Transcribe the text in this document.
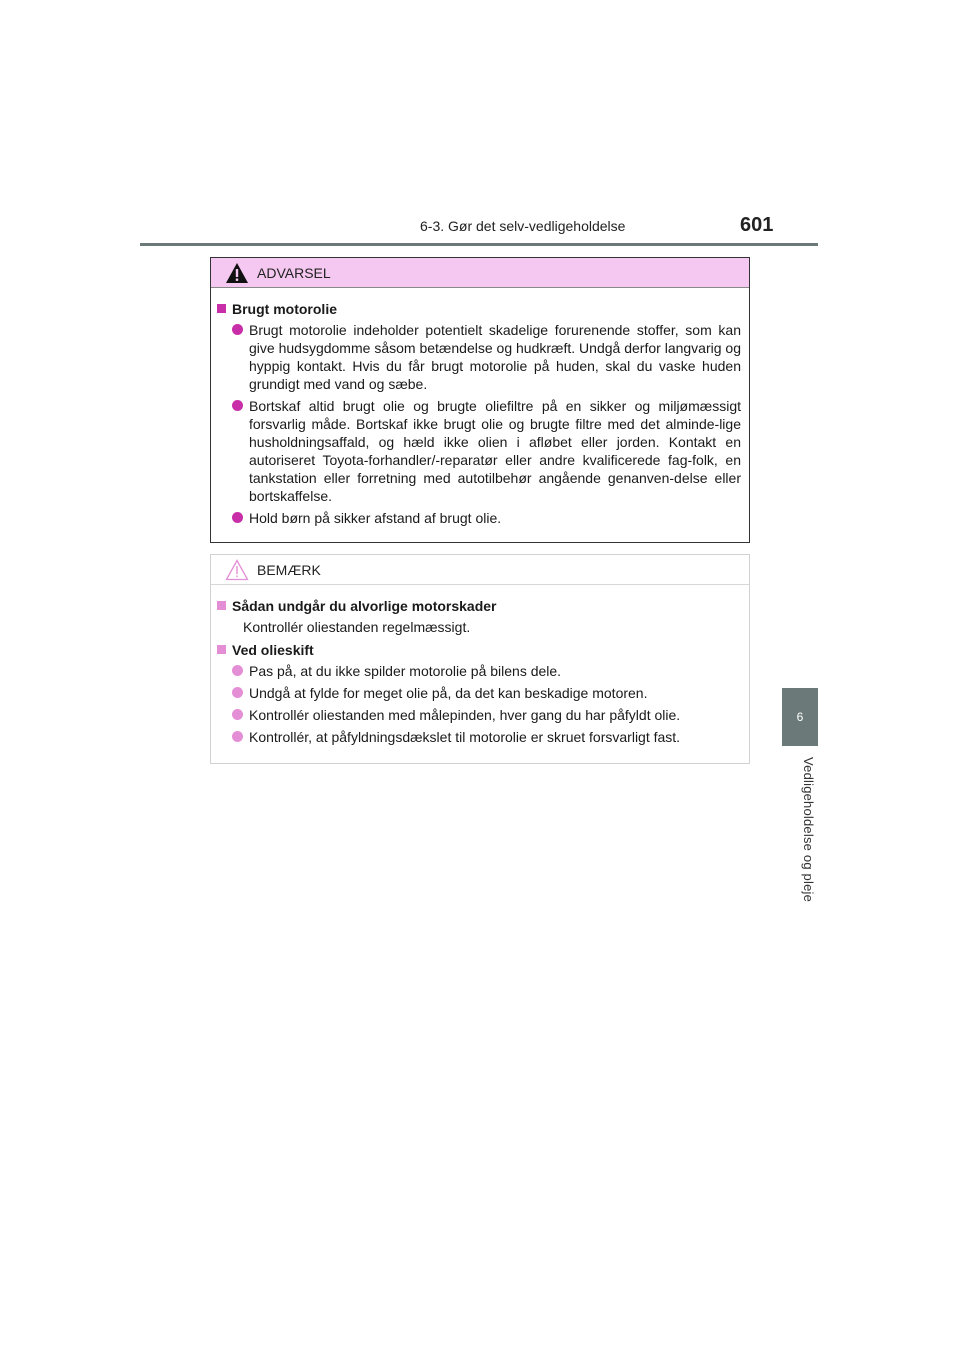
6-3. Gør det selv-vedligeholdelse	601
6
Vedligeholdelse og pleje
ADVARSEL
Brugt motorolie
Brugt motorolie indeholder potentielt skadelige forurenende stoffer, som kan give hudsygdomme såsom betændelse og hudkræft. Undgå derfor langvarig og hyppig kontakt. Hvis du får brugt motorolie på huden, skal du vaske huden grundigt med vand og sæbe.
Bortskaf altid brugt olie og brugte oliefiltre på en sikker og miljømæssigt forsvarlig måde. Bortskaf ikke brugt olie og brugte filtre med det alminde-lige husholdningsaffald, og hæld ikke olien i afløbet eller jorden. Kontakt en autoriseret Toyota-forhandler/-reparatør eller andre kvalificerede fag-folk, en tankstation eller forretning med autotilbehør angående genanven-delse eller bortskaffelse.
Hold børn på sikker afstand af brugt olie.
BEMÆRK
Sådan undgår du alvorlige motorskader
Kontrollér oliestanden regelmæssigt.
Ved olieskift
Pas på, at du ikke spilder motorolie på bilens dele.
Undgå at fylde for meget olie på, da det kan beskadige motoren.
Kontrollér oliestanden med målepinden, hver gang du har påfyldt olie.
Kontrollér, at påfyldningsdækslet til motorolie er skruet forsvarligt fast.
